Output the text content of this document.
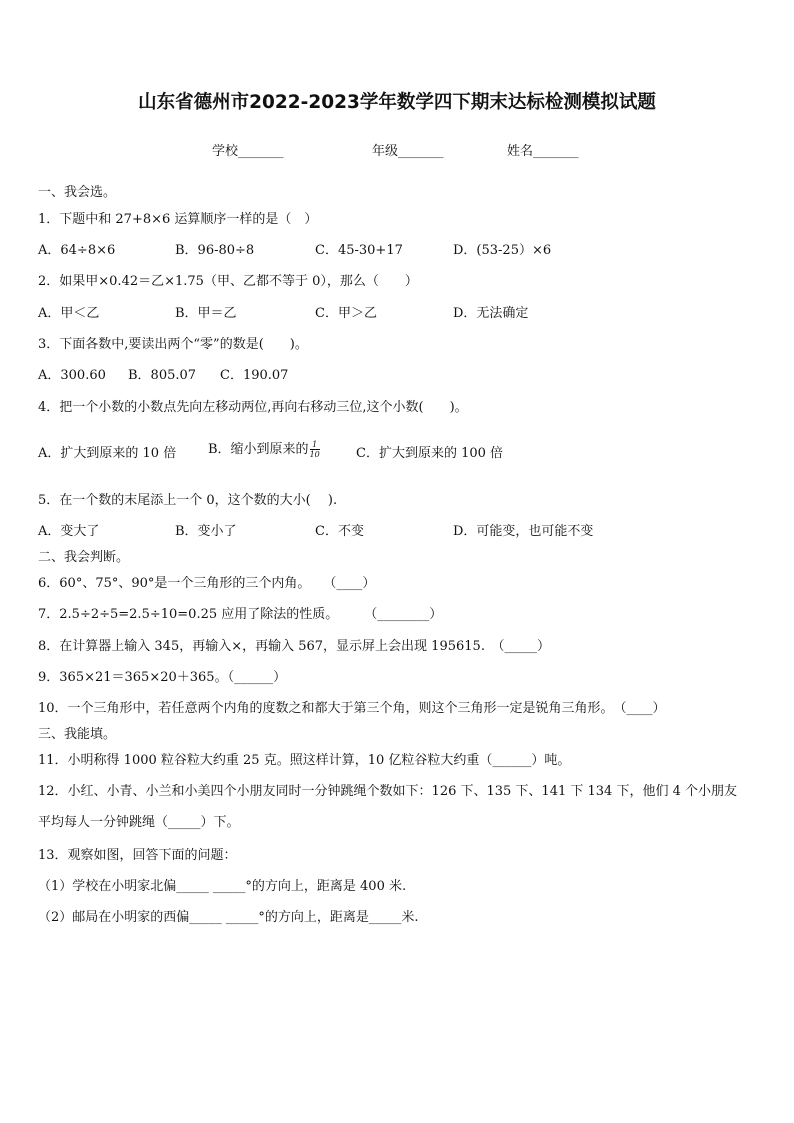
山东省德州市2022-2023学年数学四下期末达标检测模拟试题
学校_______	年级_______	姓名_______
一、我会选。
1．下题中和 27+8×6 运算顺序一样的是（　）
A．64÷8×6	B．96-80÷8	C．45-30+17	D．(53-25）×6
2．如果甲×0.42＝乙×1.75（甲、乙都不等于 0），那么（　　）
A．甲＜乙	B．甲＝乙	C．甲＞乙	D．无法确定
3．下面各数中,要读出两个“零”的数是(　　)。
A．300.60 B．805.07 C．190.07
4．把一个小数的小数点先向左移动两位,再向右移动三位,这个小数(　　)。
A．扩大到原来的 10 倍 B．缩小到原来的 $\frac{1}{10}$	C．扩大到原来的 100 倍
5．在一个数的末尾添上一个 0，这个数的大小(　 ).
A．变大了	B．变小了	C．不变	D．可能变，也可能不变
二、我会判断。
6．60°、75°、90°是一个三角形的三个内角。　　（____）
7．2.5÷2÷5=2.5÷10=0.25 应用了除法的性质。　　　（________）
8．在计算器上输入 345，再输入×，再输入 567，显示屏上会出现 195615.　（_____）
9．365×21＝365×20＋365。（______）
10．一个三角形中，若任意两个内角的度数之和都大于第三个角，则这个三角形一定是锐角三角形。　（____）
三、我能填。
11．小明称得 1000 粒谷粒大约重 25 克。照这样计算，10 亿粒谷粒大约重（______）吨。
12．小红、小青、小兰和小美四个小朋友同时一分钟跳绳个数如下：126 下、135 下、141 下 134 下，他们 4 个小朋友
平均每人一分钟跳绳（_____）下。
13．观察如图，回答下面的问题：
（1）学校在小明家北偏_____ _____°的方向上，距离是 400 米.
（2）邮局在小明家的西偏_____ _____°的方向上，距离是_____米.
